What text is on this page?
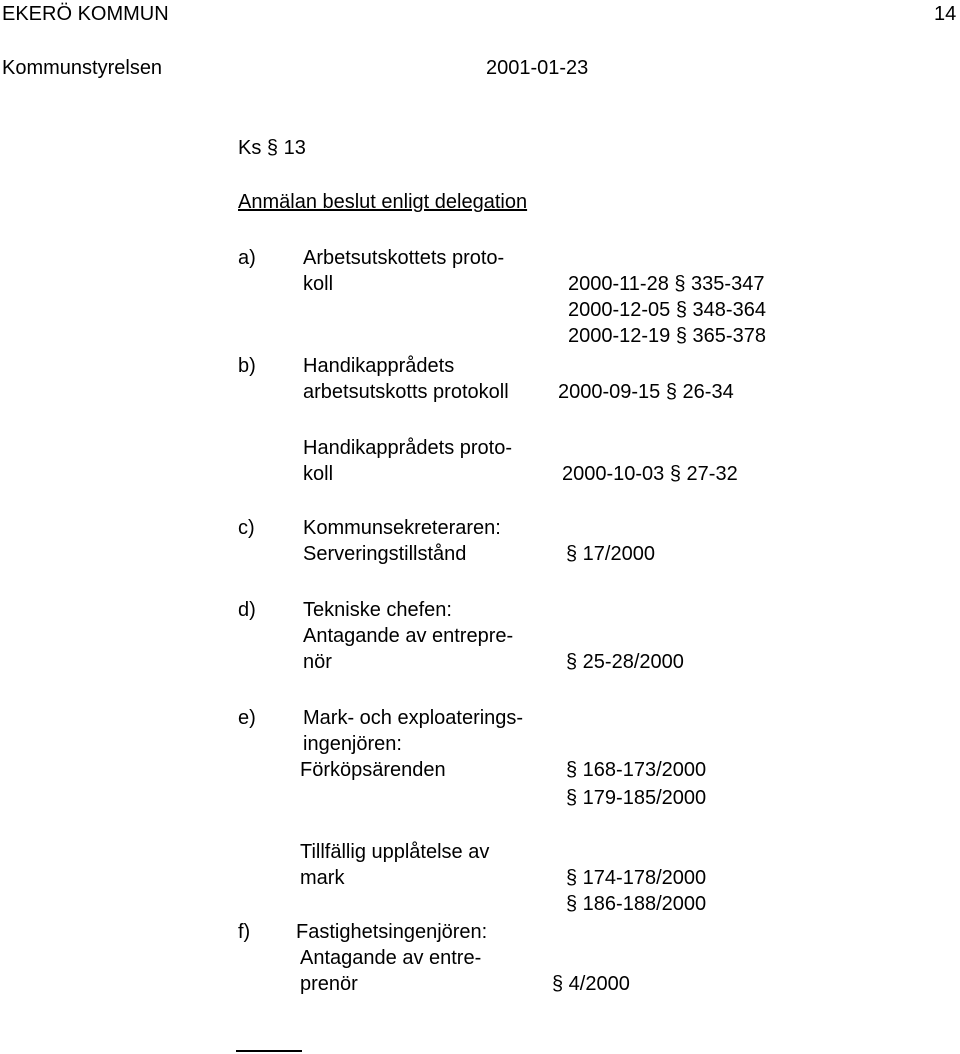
EKERÖ KOMMUN	14
Kommunstyrelsen	2001-01-23
Ks § 13
Anmälan beslut enligt delegation
a) Arbetsutskottets proto-
koll	2000-11-28 § 335-347
2000-12-05 § 348-364
2000-12-19 § 365-378
b) Handikapprådets
arbetsutskotts protokoll 2000-09-15 § 26-34
Handikapprådets proto-
koll	2000-10-03 § 27-32
c) Kommunsekreteraren:
Serveringstillstånd	§ 17/2000
d) Tekniske chefen:
Antagande av entrepre-
nör	§ 25-28/2000
e) Mark- och exploaterings-
ingenjören:
Förköpsärenden	§ 168-173/2000
§ 179-185/2000
Tillfällig upplåtelse av
mark	§ 174-178/2000
§ 186-188/2000
f) Fastighetsingenjören:
Antagande av entre-
prenör	§ 4/2000
